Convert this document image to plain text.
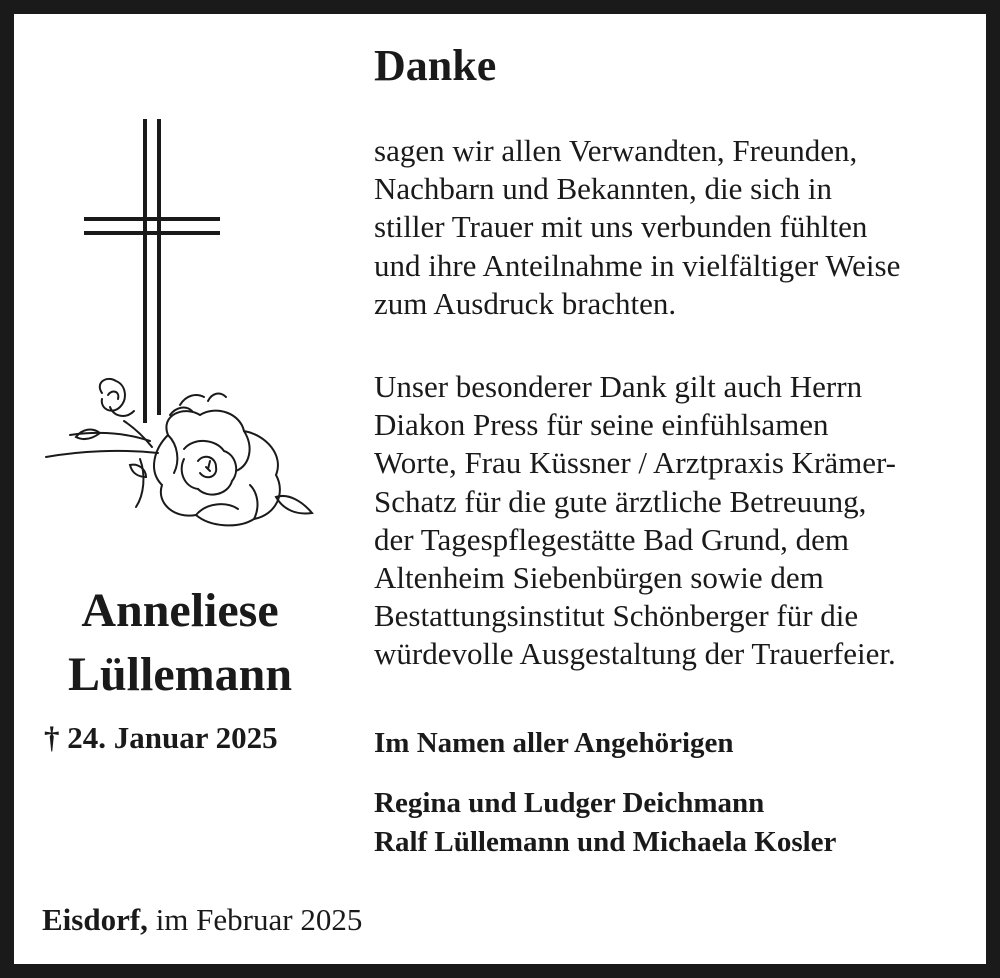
Danke
sagen wir allen Verwandten, Freunden,
Nachbarn und Bekannten, die sich in
stiller Trauer mit uns verbunden fühlten
und ihre Anteilnahme in vielfältiger Weise
zum Ausdruck brachten.
Unser besonderer Dank gilt auch Herrn
Diakon Press für seine einfühlsamen
Worte, Frau Küssner / Arztpraxis Krämer-
Schatz für die gute ärztliche Betreuung,
der Tagespflegestätte Bad Grund, dem
Altenheim Siebenbürgen sowie dem
Bestattungsinstitut Schönberger für die
würdevolle Ausgestaltung der Trauerfeier.
Im Namen aller Angehörigen
Regina und Ludger Deichmann
Ralf Lüllemann und Michaela Kosler
Anneliese
Lüllemann
† 24. Januar 2025
Eisdorf, im Februar 2025
